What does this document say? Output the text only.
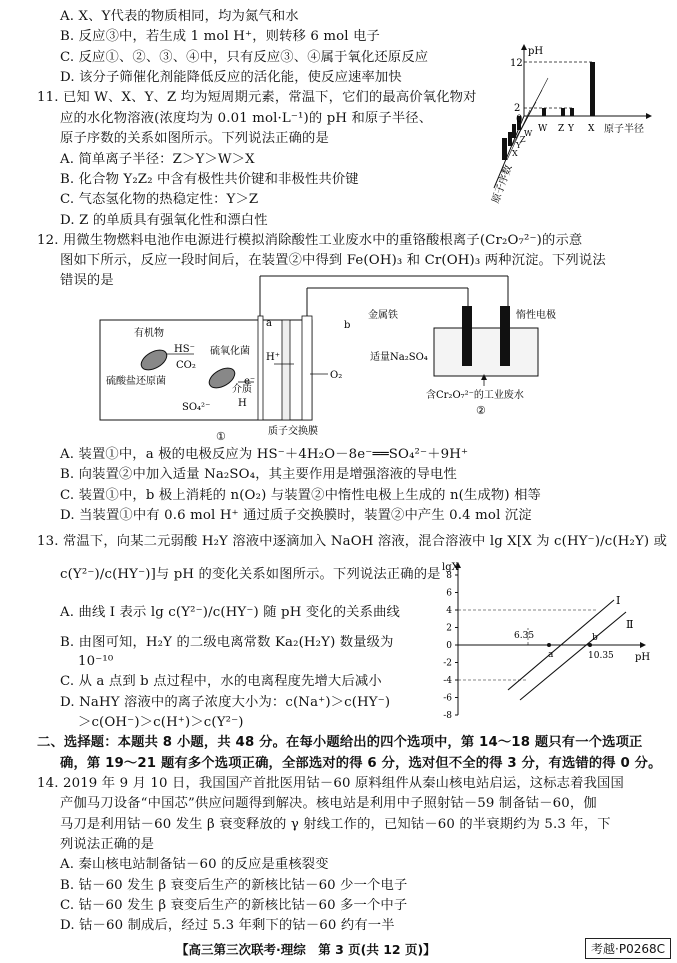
A. X、Y代表的物质相同，均为氮气和水
B. 反应③中，若生成 1 mol H⁺，则转移 6 mol 电子
C. 反应①、②、③、④中，只有反应③、④属于氧化还原反应
D. 该分子筛催化剂能降低反应的活化能，使反应速率加快
11. 已知 W、X、Y、Z 均为短周期元素，常温下，它们的最高价氧化物对
应的水化物溶液(浓度均为 0.01 mol·L⁻¹)的 pH 和原子半径、
原子序数的关系如图所示。下列说法正确的是
A. 简单离子半径：Z＞Y＞W＞X
B. 化合物 Y₂Z₂ 中含有极性共价键和非极性共价键
C. 气态氢化物的热稳定性：Y＞Z
D. Z 的单质具有强氧化性和漂白性
12. 用微生物燃料电池作电源进行模拟消除酸性工业废水中的重铬酸根离子(Cr₂O₇²⁻)的示意
图如下所示，反应一段时间后，在装置②中得到 Fe(OH)₃ 和 Cr(OH)₃ 两种沉淀。下列说法
错误的是
A. 装置①中，a 极的电极反应为 HS⁻＋4H₂O－8e⁻══SO₄²⁻＋9H⁺
B. 向装置②中加入适量 Na₂SO₄，其主要作用是增强溶液的导电性
C. 装置①中，b 极上消耗的 n(O₂) 与装置②中惰性电极上生成的 n(生成物) 相等
D. 当装置①中有 0.6 mol H⁺ 通过质子交换膜时，装置②中产生 0.4 mol 沉淀
13. 常温下，向某二元弱酸 H₂Y 溶液中逐滴加入 NaOH 溶液，混合溶液中 lg X[X 为 c(HY⁻)/c(H₂Y) 或
c(Y²⁻)/c(HY⁻)]与 pH 的变化关系如图所示。下列说法正确的是
A. 曲线 Ⅰ 表示 lg c(Y²⁻)/c(HY⁻) 随 pH 变化的关系曲线
B. 由图可知，H₂Y 的二级电离常数 Ka₂(H₂Y) 数量级为
10⁻¹⁰
C. 从 a 点到 b 点过程中，水的电离程度先增大后减小
D. NaHY 溶液中的离子浓度大小为：c(Na⁺)＞c(HY⁻)
＞c(OH⁻)＞c(H⁺)＞c(Y²⁻)
二、选择题：本题共 8 小题，共 48 分。在每小题给出的四个选项中，第 14～18 题只有一个选项正
确，第 19～21 题有多个选项正确，全部选对的得 6 分，选对但不全的得 3 分，有选错的得 0 分。
14. 2019 年 9 月 10 日，我国国产首批医用钴－60 原料组件从秦山核电站启运，这标志着我国国
产伽马刀设备“中国芯”供应问题得到解决。核电站是利用中子照射钴－59 制备钴－60，伽
马刀是利用钴－60 发生 β 衰变释放的 γ 射线工作的，已知钴－60 的半衰期约为 5.3 年，下
列说法正确的是
A. 秦山核电站制备钴－60 的反应是重核裂变
B. 钴－60 发生 β 衰变后生产的新核比钴－60 少一个电子
C. 钴－60 发生 β 衰变后生产的新核比钴－60 多一个中子
D. 钴－60 制成后，经过 5.3 年剩下的钴－60 约有一半
pH
12
2
0
W Z Y X 原子半径
W
Z
Y
X
原子序数
有机物
HS⁻
CO₂
硫氧化菌
硫酸盐还原菌
SO₄²⁻
介质
e⁻
H
H⁺
O₂
a	b
①	质子交换膜
金属铁	惰性电极
适量Na₂SO₄
含Cr₂O₇²⁻的工业废水
②
8
6
4
2
0
-2
-4
-6
-8
lgX
pH
Ⅰ
Ⅱ
a
b
6.35
10.35
【高三第三次联考·理综　第 3 页(共 12 页)】	考越·P0268C
